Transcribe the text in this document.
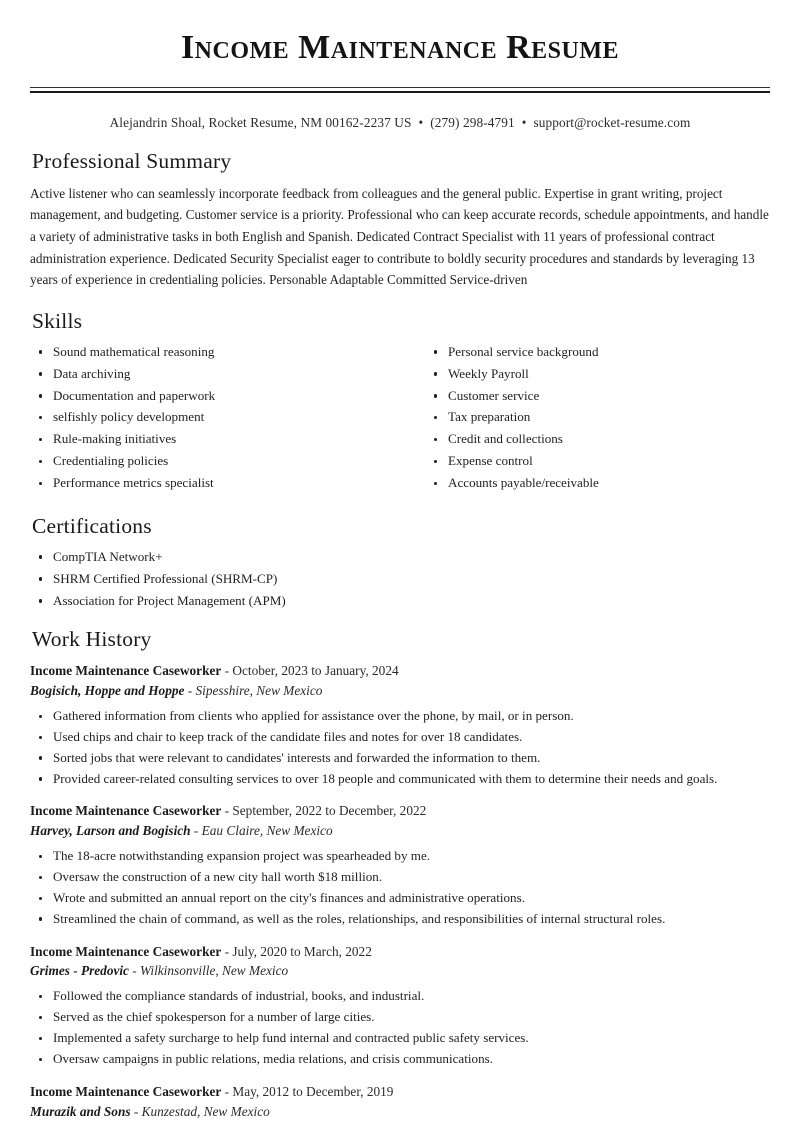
Income Maintenance Resume
Alejandrin Shoal, Rocket Resume, NM 00162-2237 US • (279) 298-4791 • support@rocket-resume.com
Professional Summary

Active listener who can seamlessly incorporate feedback from colleagues and the general public. Expertise in grant writing, project management, and budgeting. Customer service is a priority. Professional who can keep accurate records, schedule appointments, and handle a variety of administrative tasks in both English and Spanish. Dedicated Contract Specialist with 11 years of professional contract administration experience. Dedicated Security Specialist eager to contribute to boldly security procedures and standards by leveraging 13 years of experience in credentialing policies. Personable Adaptable Committed Service-driven

Skills
Sound mathematical reasoning
Data archiving
Documentation and paperwork
selfishly policy development
Rule-making initiatives
Credentialing policies
Performance metrics specialist
Personal service background
Weekly Payroll
Customer service
Tax preparation
Credit and collections
Expense control
Accounts payable/receivable
Certifications
CompTIA Network+
SHRM Certified Professional (SHRM-CP)
Association for Project Management (APM)
Work History
Income Maintenance Caseworker - October, 2023 to January, 2024
Bogisich, Hoppe and Hoppe - Sipesshire, New Mexico
Gathered information from clients who applied for assistance over the phone, by mail, or in person.
Used chips and chair to keep track of the candidate files and notes for over 18 candidates.
Sorted jobs that were relevant to candidates' interests and forwarded the information to them.
Provided career-related consulting services to over 18 people and communicated with them to determine their needs and goals.
Income Maintenance Caseworker - September, 2022 to December, 2022
Harvey, Larson and Bogisich - Eau Claire, New Mexico
The 18-acre notwithstanding expansion project was spearheaded by me.
Oversaw the construction of a new city hall worth $18 million.
Wrote and submitted an annual report on the city's finances and administrative operations.
Streamlined the chain of command, as well as the roles, relationships, and responsibilities of internal structural roles.
Income Maintenance Caseworker - July, 2020 to March, 2022
Grimes - Predovic - Wilkinsonville, New Mexico
Followed the compliance standards of industrial, books, and industrial.
Served as the chief spokesperson for a number of large cities.
Implemented a safety surcharge to help fund internal and contracted public safety services.
Oversaw campaigns in public relations, media relations, and crisis communications.
Income Maintenance Caseworker - May, 2012 to December, 2019
Murazik and Sons - Kunzestad, New Mexico
